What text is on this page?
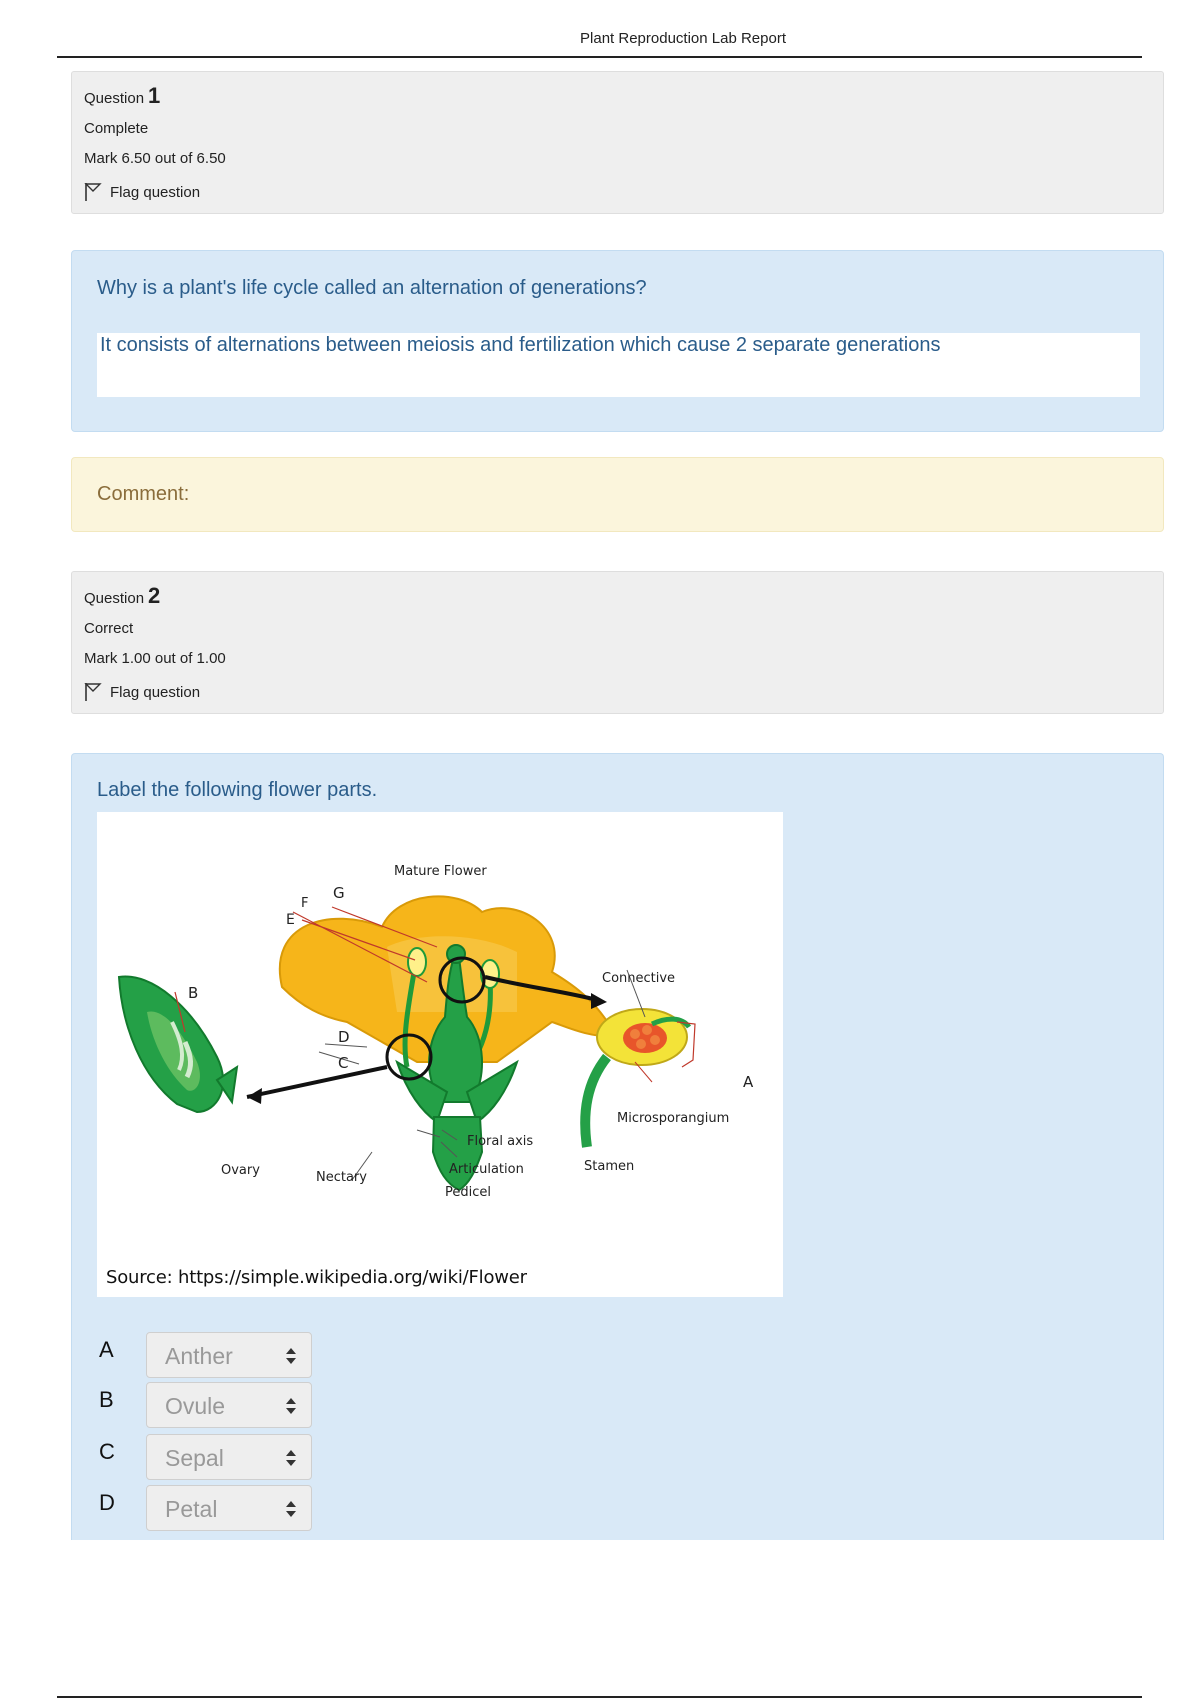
Plant Reproduction Lab Report
Question 1
Complete
Mark 6.50 out of 6.50
Flag question
Why is a plant's life cycle called an alternation of generations?
It consists of alternations between meiosis and fertilization which cause 2 separate generations
Comment:
Question 2
Correct
Mark 1.00 out of 1.00
Flag question
Label the following flower parts.
Mature Flower
B
E
F
G
D
C
Connective
A
Microsporangium
Stamen
Ovary	Nectary
Floral axis
Articulation
Pedicel
Source: https://simple.wikipedia.org/wiki/Flower
A Anther
B Ovule
C Sepal
D Petal
